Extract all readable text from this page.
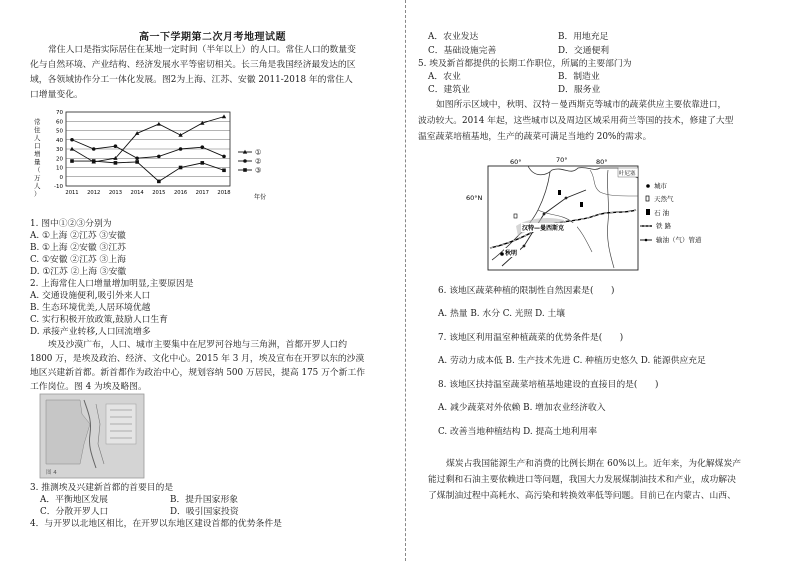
高一下学期第二次月考地理试题
常住人口是指实际居住在某地一定时间（半年以上）的人口。常住人口的数量变
化与自然环境、产业结构、经济发展水平等密切相关。长三角是我国经济最发达的区
域，各领域协作分工一体化发展。图2为上海、江苏、安徽 2011-2018 年的常住人
口增量变化。
-10
0
10
20
30
40
50
60
70
2011 2012 2013 2014 2015 2016 2017 2018
①
②
③
年份
常
住
人
口
增
量
（
万
人
）
1. 图中①②③分别为
A. ①上海 ②江苏 ③安徽
B. ①上海 ②安徽 ③江苏
C. ①安徽 ②江苏 ③上海
D. ①江苏 ②上海 ③安徽
2. 上海常住人口增量增加明显,主要原因是
A. 交通设施便利,吸引外来人口
B. 生态环境优美,人居环境优越
C. 实行积极开放政策,鼓励人口生育
D. 承接产业转移,人口回流增多
埃及沙漠广布，人口、城市主要集中在尼罗河谷地与三角洲，首都开罗人口约
1800 万，是埃及政治、经济、文化中心。2015 年 3 月，埃及宣布在开罗以东的沙漠
地区兴建新首都。新首都作为政治中心，规划容纳 500 万居民，提高 175 万个新工作
工作岗位。图 4 为埃及略图。
图 4
3. 推测埃及兴建新首都的首要目的是
A．平衡地区发展	B．提升国家形象
C．分散开罗人口	D．吸引国家投资
4．与开罗以北地区相比，在开罗以东地区建设首都的优势条件是
A．农业发达	B．用地充足
C．基础设施完善	D．交通便利
5. 埃及新首都提供的长期工作职位，所属的主要部门为
A．农业	B．制造业
C．建筑业	D．服务业
如图所示区域中，秋明、汉特－曼西斯克等城市的蔬菜供应主要依靠进口，
波动较大。2014 年起，这些城市以及周边区域采用荷兰等国的技术，修建了大型
温室蔬菜培植基地，生产的蔬菜可满足当地约 20%的需求。
60°	70°	80°
60°N
汉特—曼西斯克
秋明
叶尼塞
城市
天然气
石 油
铁 路
输油（气）管道
6. 该地区蔬菜种植的限制性自然因素是(　　)
A. 热量 B. 水分 C. 光照 D. 土壤
7. 该地区利用温室种植蔬菜的优势条件是(　　)
A. 劳动力成本低 B. 生产技术先进 C. 种植历史悠久 D. 能源供应充足
8. 该地区扶持温室蔬菜培植基地建设的直接目的是(　　)
A. 减少蔬菜对外依赖 B. 增加农业经济收入
C. 改善当地种植结构 D. 提高土地利用率
煤炭占我国能源生产和消费的比例长期在 60%以上。近年来，为化解煤炭产
能过剩和石油主要依赖进口等问题，我国大力发展煤制油技术和产业，成功解决
了煤制油过程中高耗水、高污染和转换效率低等问题。目前已在内蒙古、山西、
